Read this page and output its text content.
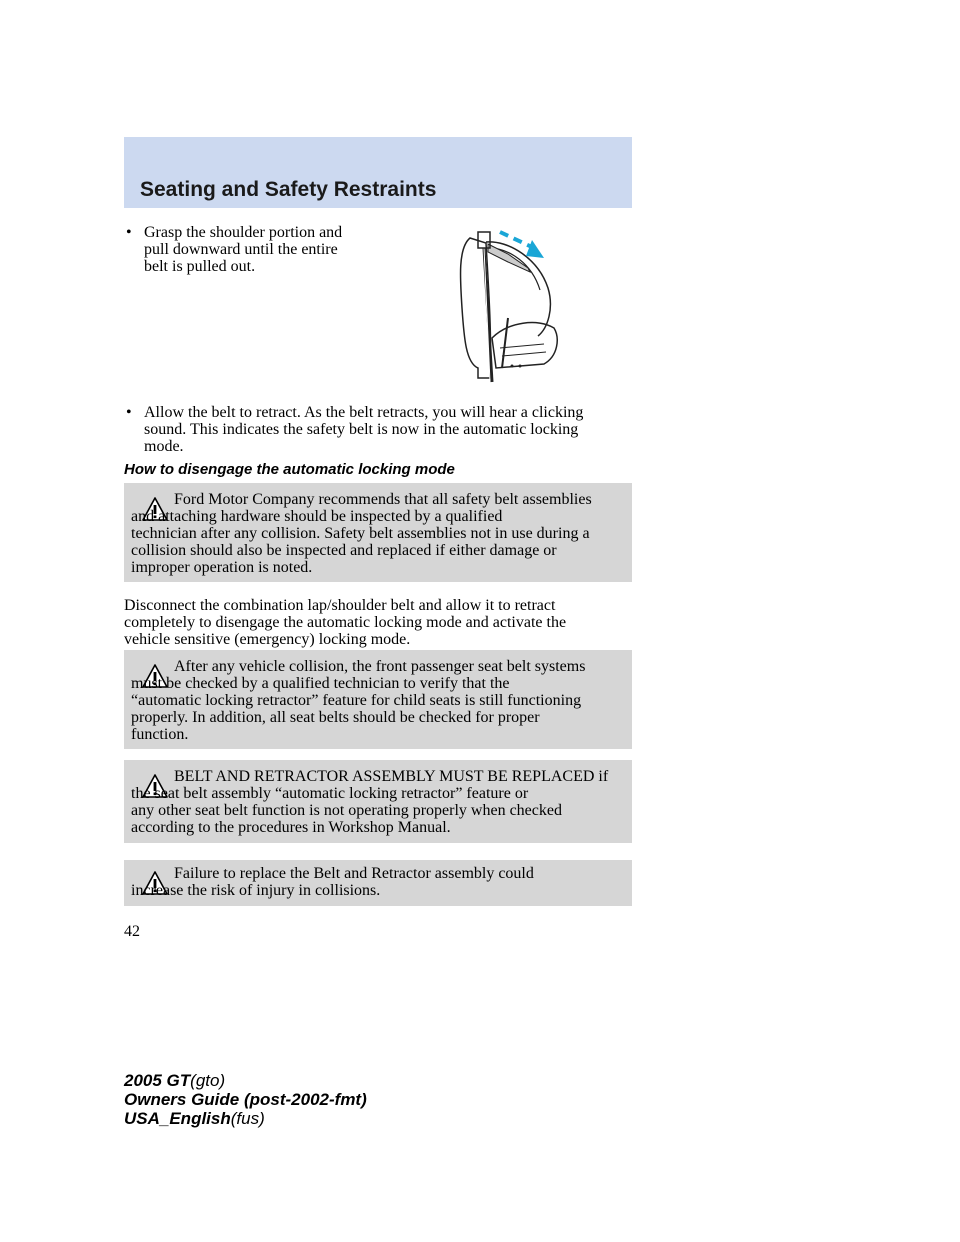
Seating and Safety Restraints
• Grasp the shoulder portion and
pull downward until the entire
belt is pulled out.
• Allow the belt to retract. As the belt retracts, you will hear a clicking
sound. This indicates the safety belt is now in the automatic locking
mode.
How to disengage the automatic locking mode

Ford Motor Company recommends that all safety belt assemblies
and attaching hardware should be inspected by a qualified
technician after any collision. Safety belt assemblies not in use during a
collision should also be inspected and replaced if either damage or
improper operation is noted.

Disconnect the combination lap/shoulder belt and allow it to retract
completely to disengage the automatic locking mode and activate the
vehicle sensitive (emergency) locking mode.

After any vehicle collision, the front passenger seat belt systems
must be checked by a qualified technician to verify that the
“automatic locking retractor” feature for child seats is still functioning
properly. In addition, all seat belts should be checked for proper
function.

BELT AND RETRACTOR ASSEMBLY MUST BE REPLACED if
the seat belt assembly “automatic locking retractor” feature or
any other seat belt function is not operating properly when checked
according to the procedures in Workshop Manual.

Failure to replace the Belt and Retractor assembly could
increase the risk of injury in collisions.

42
2005 GT(gto)
Owners Guide (post-2002-fmt)
USA_English(fus)
